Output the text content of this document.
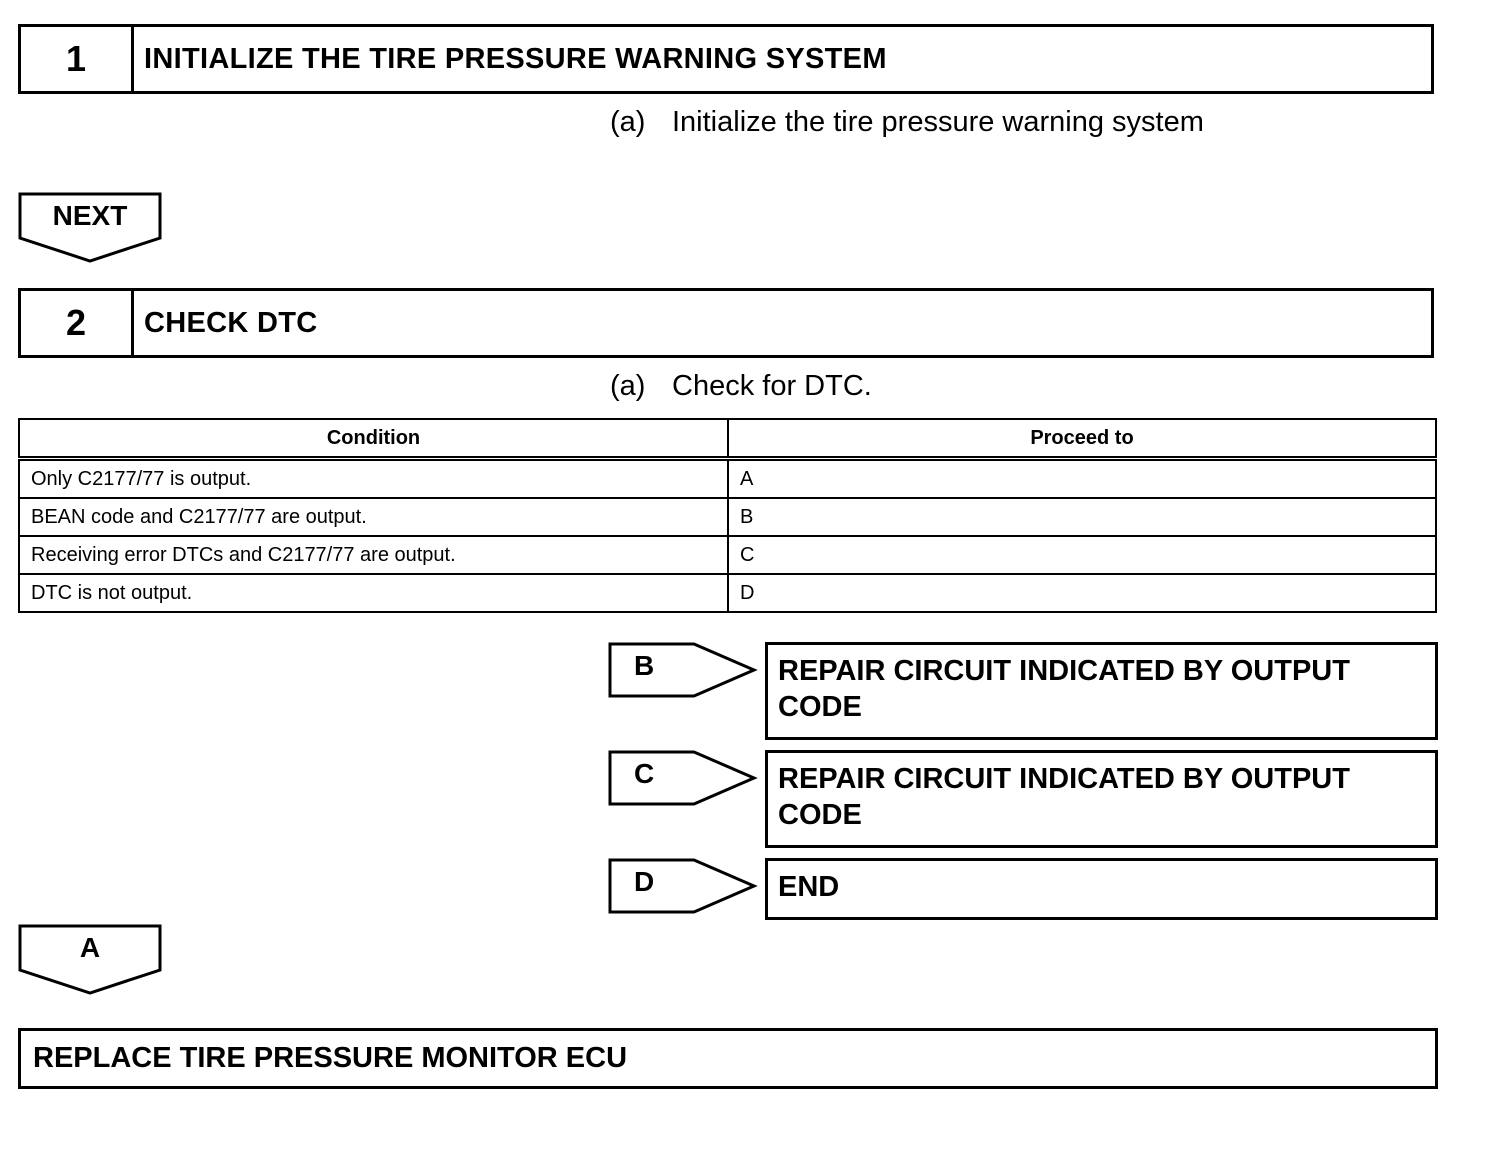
1	INITIALIZE THE TIRE PRESSURE WARNING SYSTEM
(a) Initialize the tire pressure warning system
NEXT
2	CHECK DTC
(a) Check for DTC.
Condition	Proceed to
Only C2177/77 is output.	A
BEAN code and C2177/77 are output.	B
Receiving error DTCs and C2177/77 are output.	C
DTC is not output.	D
B	REPAIR CIRCUIT INDICATED BY OUTPUT CODE
C	REPAIR CIRCUIT INDICATED BY OUTPUT CODE
D	END
A
REPLACE TIRE PRESSURE MONITOR ECU
